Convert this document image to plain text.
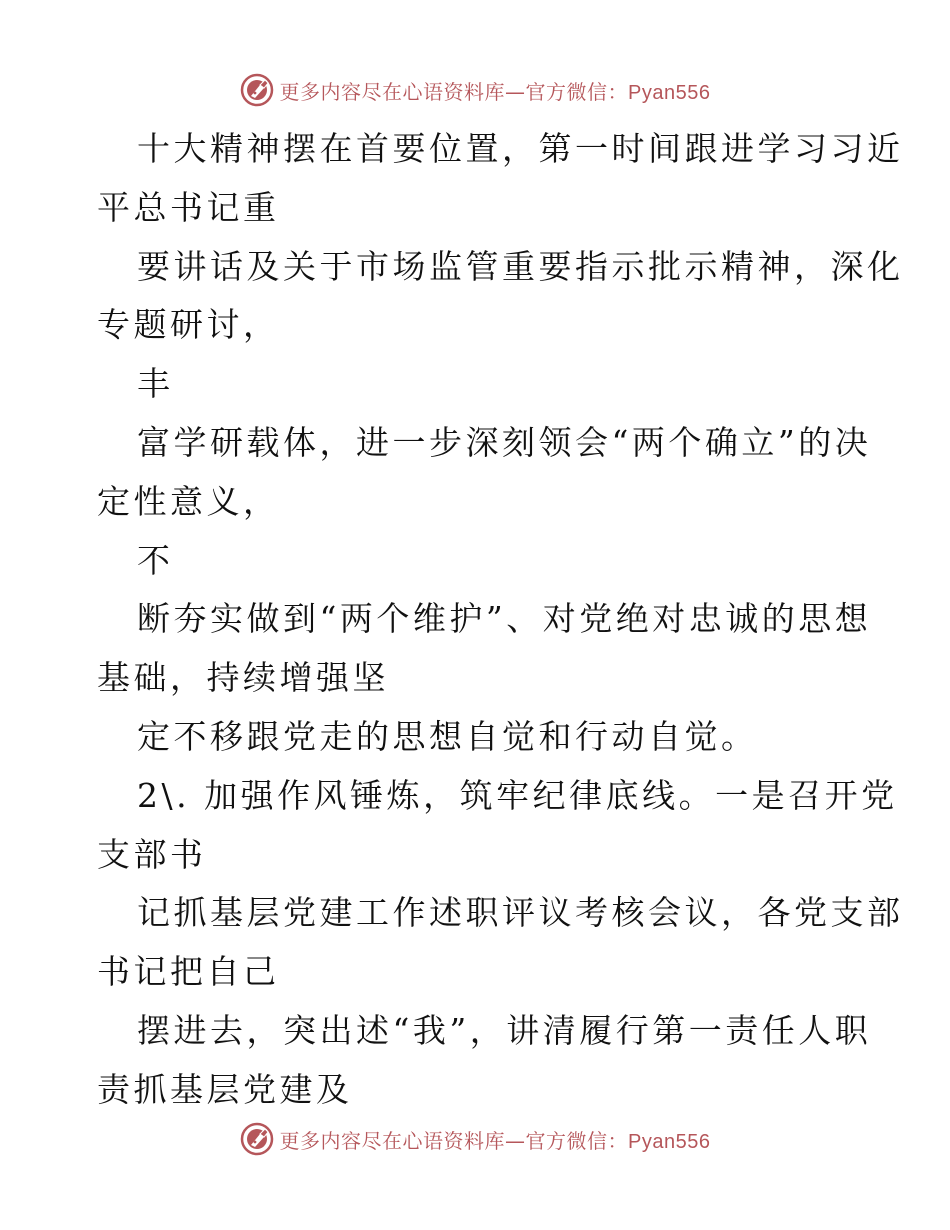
更多内容尽在心语资料库—官方微信：Pyan556

十大精神摆在首要位置，第一时间跟进学习习近

平总书记重

要讲话及关于市场监管重要指示批示精神，深化

专题研讨，

丰

富学研载体，进一步深刻领会“两个确立”的决

定性意义，

不

断夯实做到“两个维护”、对党绝对忠诚的思想

基础，持续增强坚

定不移跟党走的思想自觉和行动自觉。

2\. 加强作风锤炼，筑牢纪律底线。一是召开党

支部书

记抓基层党建工作述职评议考核会议，各党支部

书记把自己

摆进去，突出述“我”，讲清履行第一责任人职

责抓基层党建及

更多内容尽在心语资料库—官方微信：Pyan556
